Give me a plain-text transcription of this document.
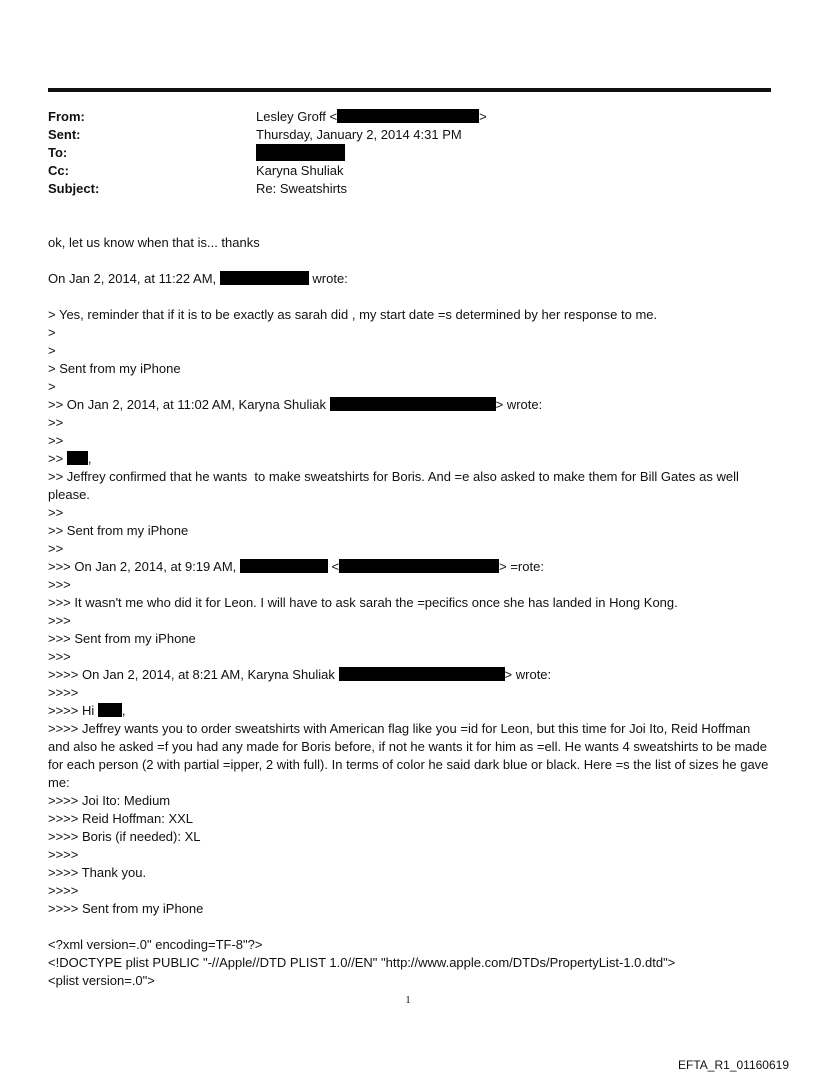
From:	Lesley Groff <	>
Sent:	Thursday, January 2, 2014 4:31 PM
To:
Cc:	Karyna Shuliak
Subject:	Re: Sweatshirts
ok, let us know when that is... thanks
On Jan 2, 2014, at 11:22 AM,	wrote:
> Yes, reminder that if it is to be exactly as sarah did , my start date =s determined by her response to me.
>
>
> Sent from my iPhone
>
>> On Jan 2, 2014, at 11:02 AM, Karyna Shuliak	> wrote:
>>
>>
>> ,
>> Jeffrey confirmed that he wants  to make sweatshirts for Boris. And =e also asked to make them for Bill Gates as well please.
>>
>> Sent from my iPhone
>>
>>> On Jan 2, 2014, at 9:19 AM,	<	> =rote:
>>>
>>> It wasn't me who did it for Leon. I will have to ask sarah the =pecifics once she has landed in Hong Kong.
>>>
>>> Sent from my iPhone
>>>
>>>> On Jan 2, 2014, at 8:21 AM, Karyna Shuliak	> wrote:
>>>>
>>>> Hi ,
>>>> Jeffrey wants you to order sweatshirts with American flag like you =id for Leon, but this time for Joi Ito, Reid Hoffman and also he asked =f you had any made for Boris before, if not he wants it for him as =ell. He wants 4 sweatshirts to be made for each person (2 with partial =ipper, 2 with full). In terms of color he said dark blue or black. Here =s the list of sizes he gave me:
>>>> Joi Ito: Medium
>>>> Reid Hoffman: XXL
>>>> Boris (if needed): XL
>>>>
>>>> Thank you.
>>>>
>>>> Sent from my iPhone
<?xml version=.0" encoding=TF-8"?>
<!DOCTYPE plist PUBLIC "-//Apple//DTD PLIST 1.0//EN" "http://www.apple.com/DTDs/PropertyList-1.0.dtd">
<plist version=.0">
1
EFTA_R1_01160619
